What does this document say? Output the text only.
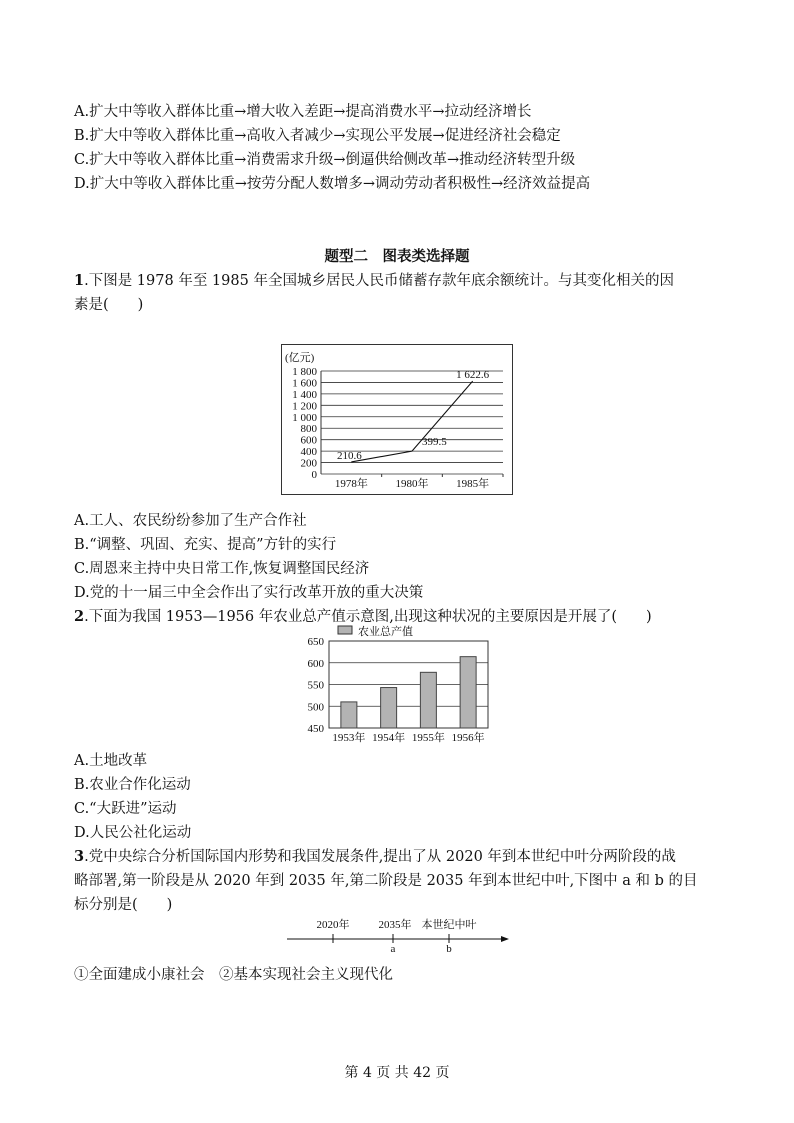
A.扩大中等收入群体比重→增大收入差距→提高消费水平→拉动经济增长
B.扩大中等收入群体比重→高收入者减少→实现公平发展→促进经济社会稳定
C.扩大中等收入群体比重→消费需求升级→倒逼供给侧改革→推动经济转型升级
D.扩大中等收入群体比重→按劳分配人数增多→调动劳动者积极性→经济效益提高
题型二　图表类选择题
1.下图是 1978 年至 1985 年全国城乡居民人民币储蓄存款年底余额统计。与其变化相关的因
素是(　　)
(亿元)
0
200
400
600
800
1 000
1 200
1 400
1 600
1 800
1978年	1980年	1985年
210.6
399.5
1 622.6
A.工人、农民纷纷参加了生产合作社
B.“调整、巩固、充实、提高”方针的实行
C.周恩来主持中央日常工作,恢复调整国民经济
D.党的十一届三中全会作出了实行改革开放的重大决策
2.下面为我国 1953—1956 年农业总产值示意图,出现这种状况的主要原因是开展了(　　)
农业总产值
450
500
550
600
650
1953年 1954年 1955年 1956年
A.土地改革
B.农业合作化运动
C.“大跃进”运动
D.人民公社化运动
3.党中央综合分析国际国内形势和我国发展条件,提出了从 2020 年到本世纪中叶分两阶段的战
略部署,第一阶段是从 2020 年到 2035 年,第二阶段是 2035 年到本世纪中叶,下图中 a 和 b 的目
标分别是(　　)
2020年	2035年 本世纪中叶
a	b
①全面建成小康社会　②基本实现社会主义现代化
第 4 页 共 42 页
